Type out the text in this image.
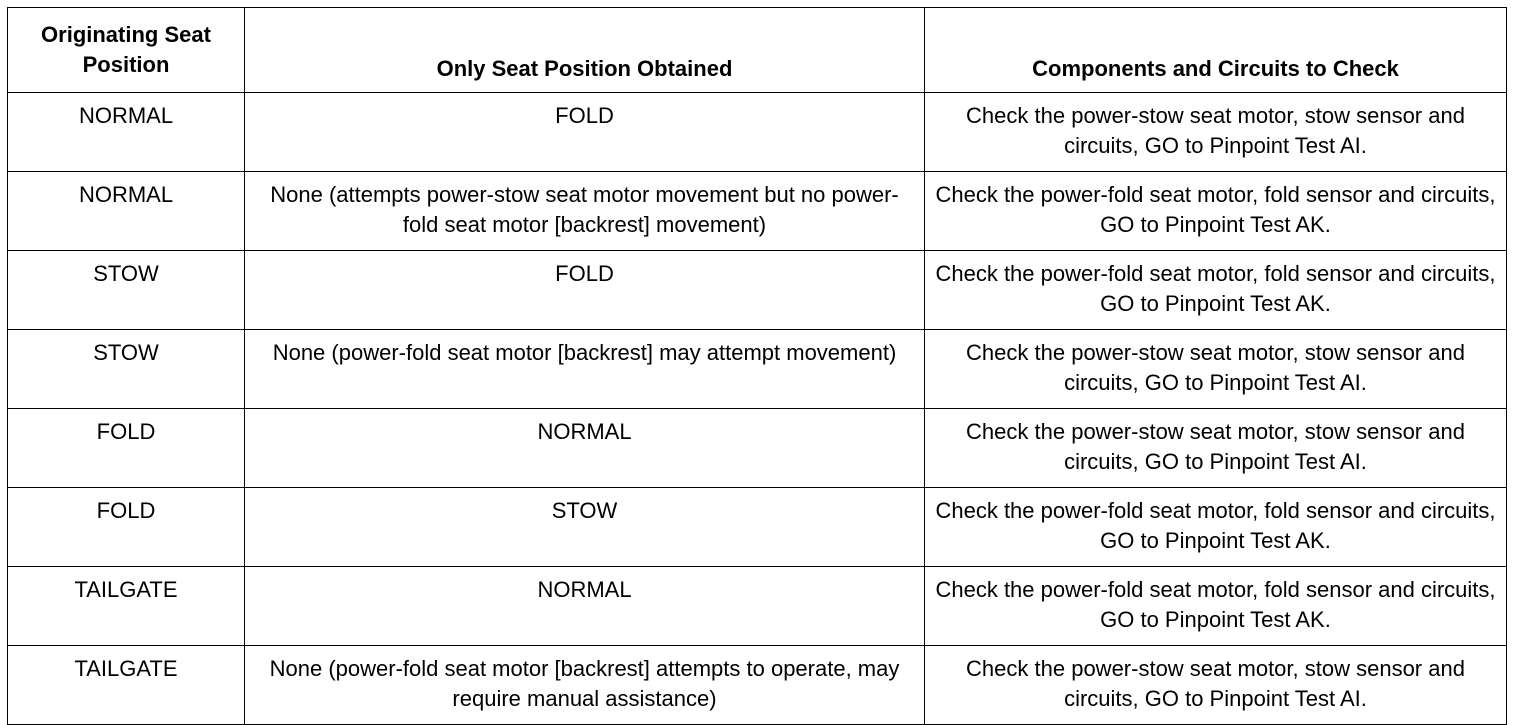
Originating Seat Position	Only Seat Position Obtained	Components and Circuits to Check
NORMAL	FOLD	Check the power-stow seat motor, stow sensor and circuits, GO to Pinpoint Test AI.
NORMAL	None (attempts power-stow seat motor movement but no power-fold seat motor [backrest] movement)	Check the power-fold seat motor, fold sensor and circuits, GO to Pinpoint Test AK.
STOW	FOLD	Check the power-fold seat motor, fold sensor and circuits, GO to Pinpoint Test AK.
STOW	None (power-fold seat motor [backrest] may attempt movement)	Check the power-stow seat motor, stow sensor and circuits, GO to Pinpoint Test AI.
FOLD	NORMAL	Check the power-stow seat motor, stow sensor and circuits, GO to Pinpoint Test AI.
FOLD	STOW	Check the power-fold seat motor, fold sensor and circuits, GO to Pinpoint Test AK.
TAILGATE	NORMAL	Check the power-fold seat motor, fold sensor and circuits, GO to Pinpoint Test AK.
TAILGATE	None (power-fold seat motor [backrest] attempts to operate, may require manual assistance)	Check the power-stow seat motor, stow sensor and circuits, GO to Pinpoint Test AI.
